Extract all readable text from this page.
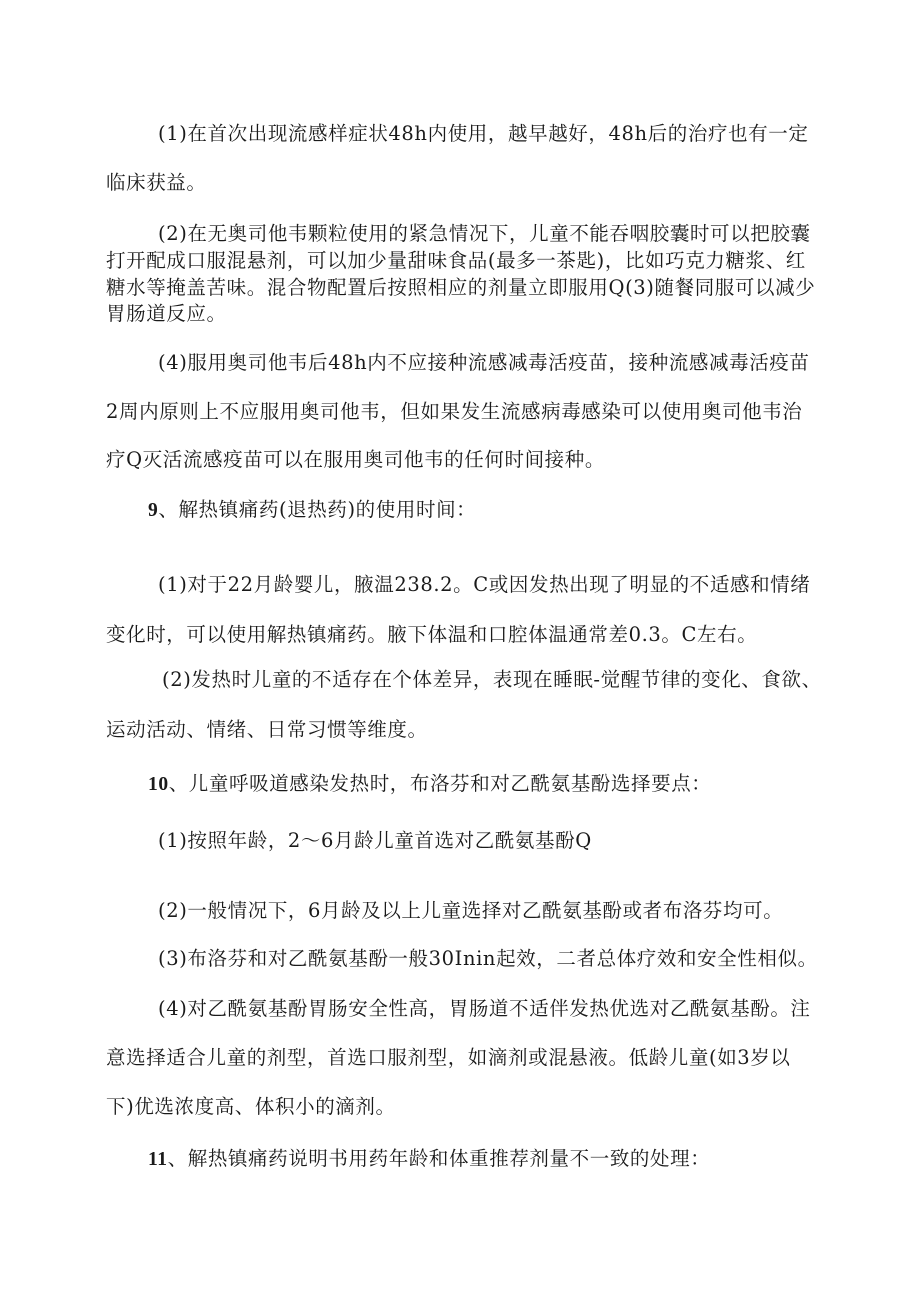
(1)在首次出现流感样症状48h内使用，越早越好，48h后的治疗也有一定
临床获益。
(2)在无奥司他韦颗粒使用的紧急情况下，儿童不能吞咽胶囊时可以把胶囊
打开配成口服混悬剂，可以加少量甜味食品(最多一茶匙)，比如巧克力糖浆、红
糖水等掩盖苦味。混合物配置后按照相应的剂量立即服用Q(3)随餐同服可以减少
胃肠道反应。
(4)服用奥司他韦后48h内不应接种流感减毒活疫苗，接种流感减毒活疫苗
2周内原则上不应服用奥司他韦，但如果发生流感病毒感染可以使用奥司他韦治
疗Q灭活流感疫苗可以在服用奥司他韦的任何时间接种。
9、解热镇痛药(退热药)的使用时间：
(1)对于22月龄婴儿，腋温238.2。C或因发热出现了明显的不适感和情绪
变化时，可以使用解热镇痛药。腋下体温和口腔体温通常差0.3。C左右。
(2)发热时儿童的不适存在个体差异，表现在睡眠-觉醒节律的变化、食欲、
运动活动、情绪、日常习惯等维度。
10、儿童呼吸道感染发热时，布洛芬和对乙酰氨基酚选择要点：
(1)按照年龄，2～6月龄儿童首选对乙酰氨基酚Q
(2)一般情况下，6月龄及以上儿童选择对乙酰氨基酚或者布洛芬均可。
(3)布洛芬和对乙酰氨基酚一般30Inin起效，二者总体疗效和安全性相似。
(4)对乙酰氨基酚胃肠安全性高，胃肠道不适伴发热优选对乙酰氨基酚。注
意选择适合儿童的剂型，首选口服剂型，如滴剂或混悬液。低龄儿童(如3岁以
下)优选浓度高、体积小的滴剂。
11、解热镇痛药说明书用药年龄和体重推荐剂量不一致的处理：
